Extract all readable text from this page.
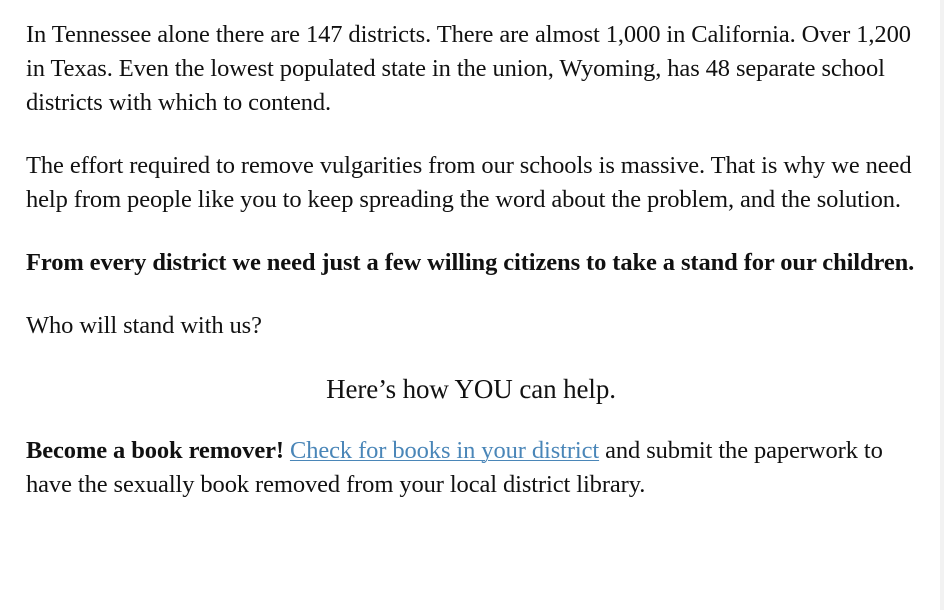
In Tennessee alone there are 147 districts. There are almost 1,000 in California. Over 1,200 in Texas. Even the lowest populated state in the union, Wyoming, has 48 separate school districts with which to contend.

The effort required to remove vulgarities from our schools is massive. That is why we need help from people like you to keep spreading the word about the problem, and the solution.

From every district we need just a few willing citizens to take a stand for our children.

Who will stand with us?

Here’s how YOU can help.

Become a book remover! Check for books in your district and submit the paperwork to have the sexually book removed from your local district library.
